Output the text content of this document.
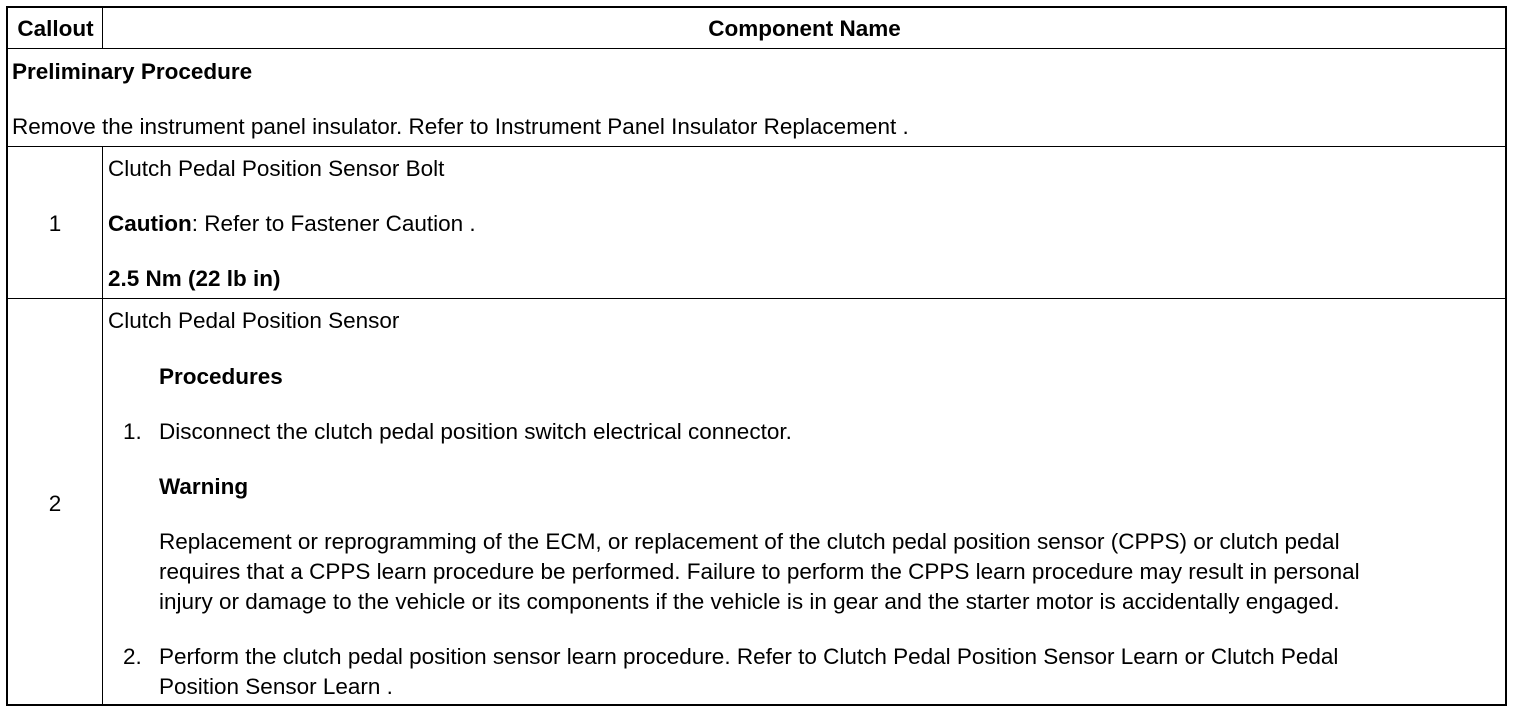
Callout	Component Name
Preliminary Procedure
Remove the instrument panel insulator. Refer to Instrument Panel Insulator Replacement .
1
Clutch Pedal Position Sensor Bolt
Caution: Refer to Fastener Caution .
2.5 Nm (22 lb in)
2
Clutch Pedal Position Sensor
Procedures
1. Disconnect the clutch pedal position switch electrical connector.
Warning
Replacement or reprogramming of the ECM, or replacement of the clutch pedal position sensor (CPPS) or clutch pedal
requires that a CPPS learn procedure be performed. Failure to perform the CPPS learn procedure may result in personal
injury or damage to the vehicle or its components if the vehicle is in gear and the starter motor is accidentally engaged.
2. Perform the clutch pedal position sensor learn procedure. Refer to Clutch Pedal Position Sensor Learn or Clutch Pedal
Position Sensor Learn .
